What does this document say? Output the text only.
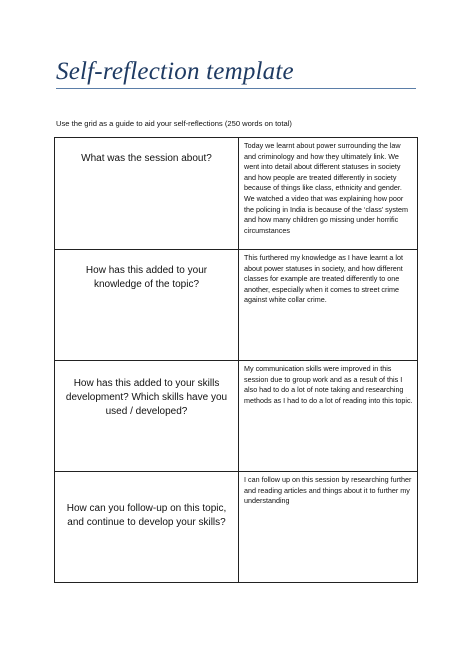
Self-reflection template
Use the grid as a guide to aid your self-reflections (250 words on total)
What was the session about?	Today we learnt about power surrounding the law and criminology and how they ultimately link. We went into detail about different statuses in society and how people are treated differently in society because of things like class, ethnicity and gender. We watched a video that was explaining how poor the policing in India is because of the ‘class’ system and how many children go missing under horrific circumstances

How has this added to your knowledge of the topic?	This furthered my knowledge as I have learnt a lot about power statuses in society, and how different classes for example are treated differently to one another, especially when it comes to street crime against white collar crime.

How has this added to your skills development? Which skills have you used / developed?	My communication skills were improved in this session due to group work and as a result of this I also had to do a lot of note taking and researching methods as I had to do a lot of reading into this topic.

How can you follow-up on this topic, and continue to develop your skills?	I can follow up on this session by researching further and reading articles and things about it to further my understanding
